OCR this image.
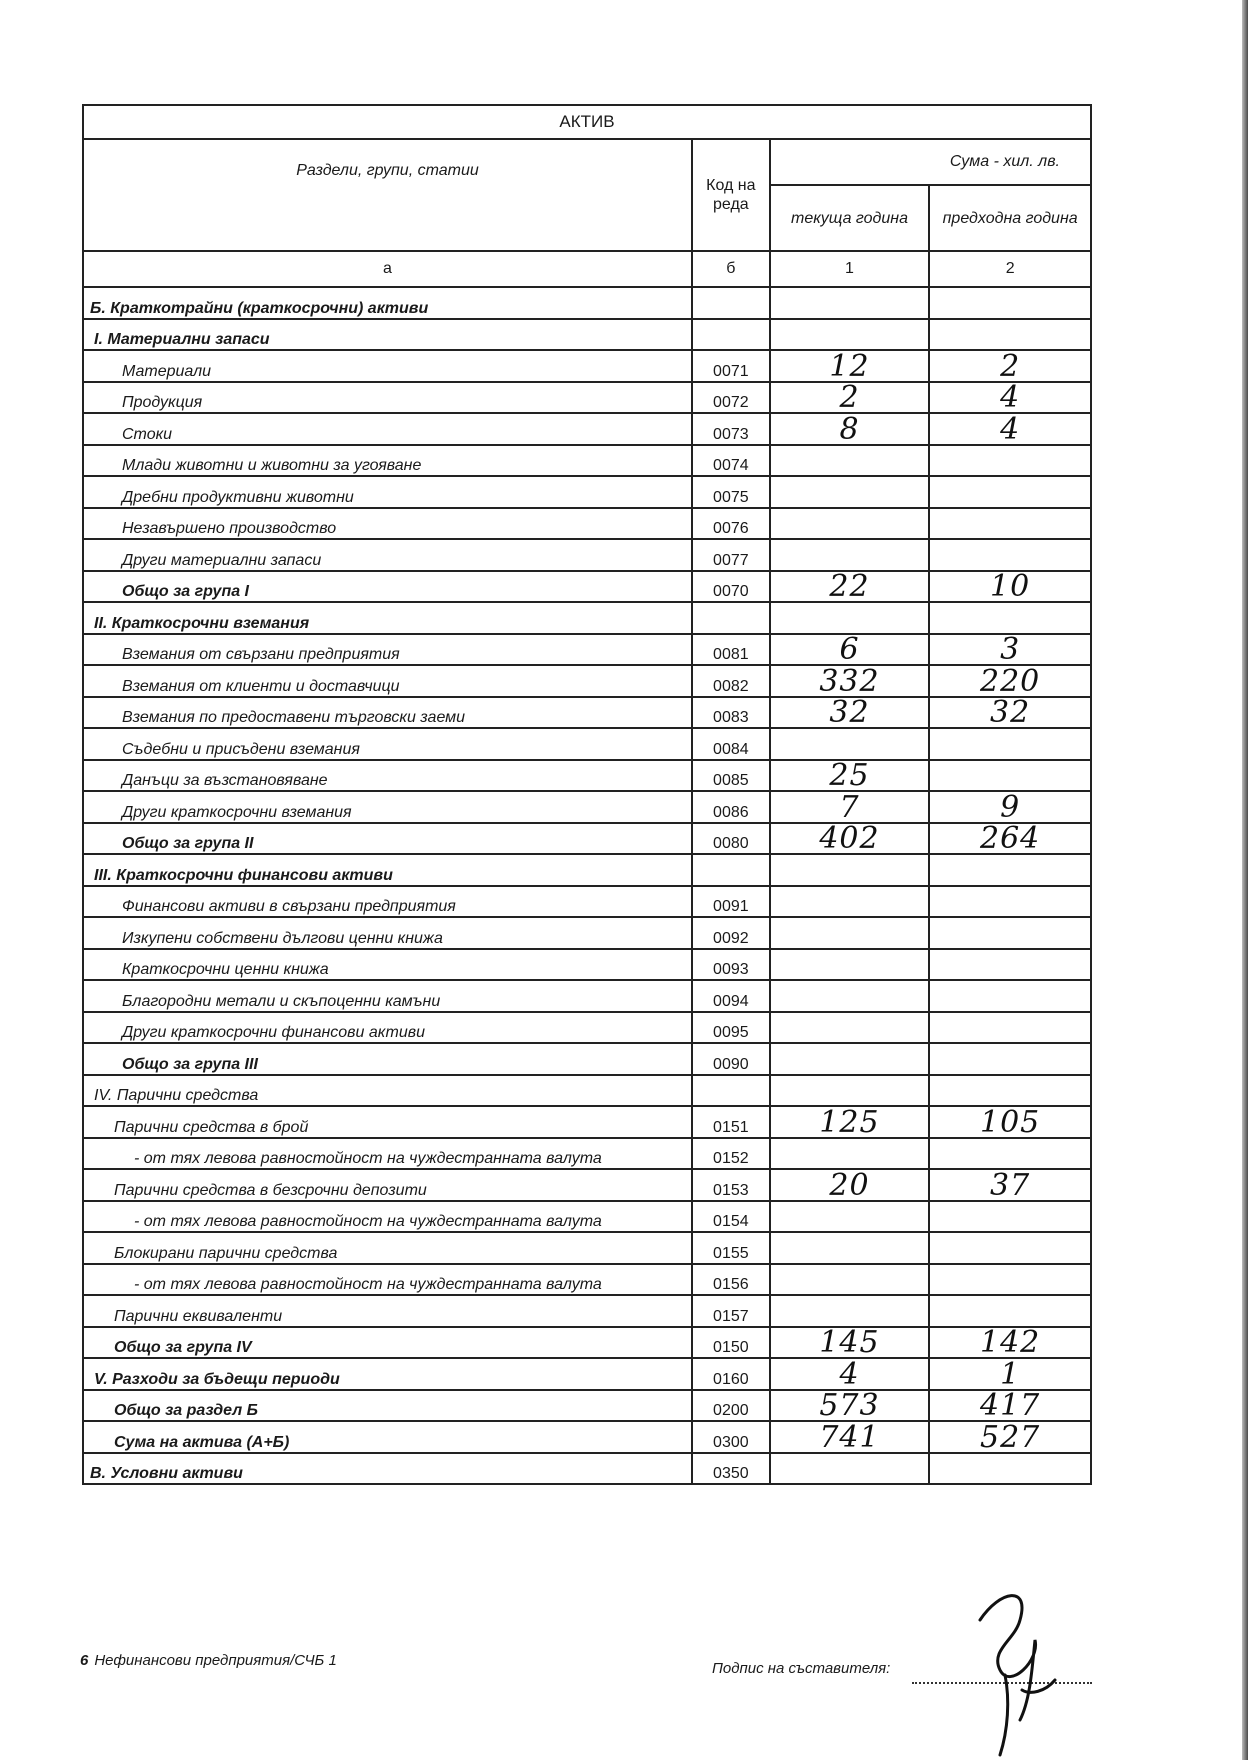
АКТИВ			
Раздели, групи, статии	Код на реда	Сума - хил. лв.	
		текуща година	предходна година
а	б	1	2
Б. Краткотрайни (краткосрочни) активи			
I. Материални запаси			
Материали	0071	12	2
Продукция	0072	2	4
Стоки	0073	8	4
Млади животни и животни за угояване	0074		
Дребни продуктивни животни	0075		
Незавършено производство	0076		
Други материални запаси	0077		
Общо за група I	0070	22	10
II. Краткосрочни вземания			
Вземания от свързани предприятия	0081	6	3
Вземания от клиенти и доставчици	0082	332	220
Вземания по предоставени търговски заеми	0083	32	32
Съдебни и присъдени вземания	0084		
Данъци за възстановяване	0085	25	
Други краткосрочни вземания	0086	7	9
Общо за група II	0080	402	264
III. Краткосрочни финансови активи			
Финансови активи в свързани предприятия	0091		
Изкупени собствени дългови ценни книжа	0092		
Краткосрочни ценни книжа	0093		
Благородни метали и скъпоценни камъни	0094		
Други краткосрочни финансови активи	0095		
Общо за група III	0090		
IV. Парични средства			
Парични средства в брой	0151	125	105
- от тях левова равностойност на чуждестранната валута	0152		
Парични средства в безсрочни депозити	0153	20	37
- от тях левова равностойност на чуждестранната валута	0154		
Блокирани парични средства	0155		
- от тях левова равностойност на чуждестранната валута	0156		
Парични еквиваленти	0157		
Общо за група IV	0150	145	142
V. Разходи за бъдещи периоди	0160	4	1
Общо за раздел Б	0200	573	417
Сума на актива (А+Б)	0300	741	527
В. Условни активи	0350		
6 Нефинансови предприятия/СЧБ 1	Подпис на съставителя:
